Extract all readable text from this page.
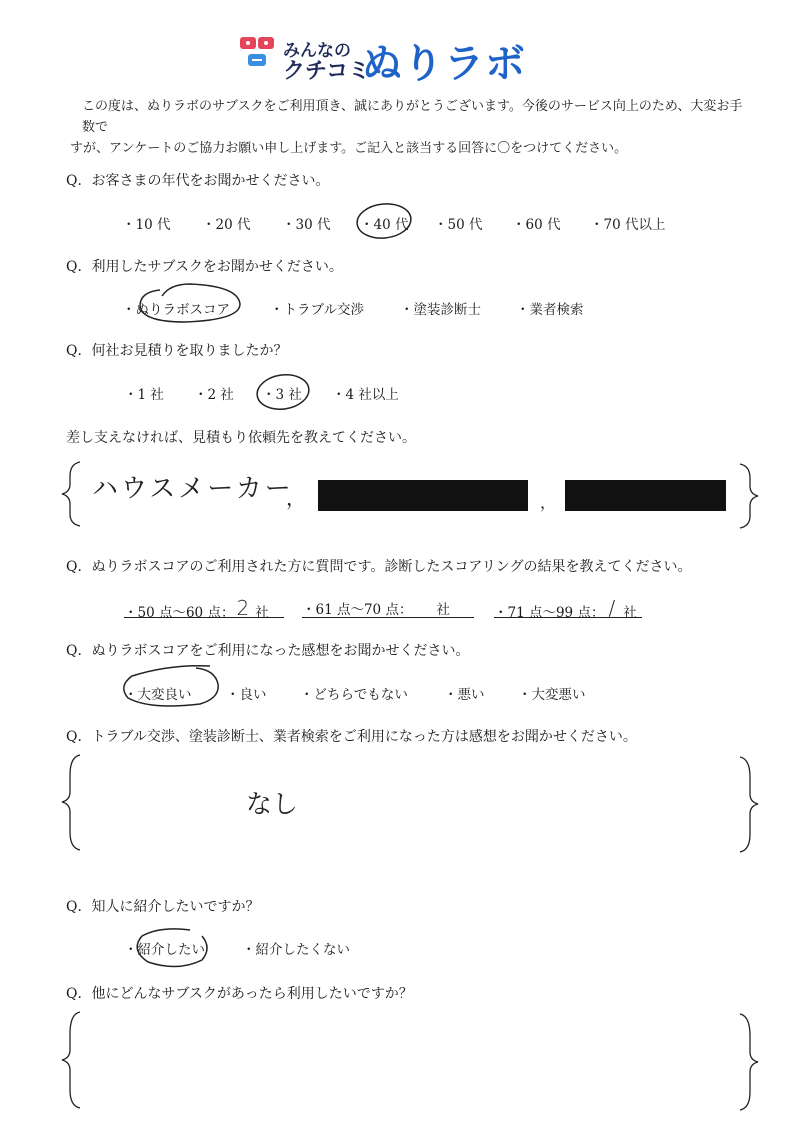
みんなの
クチコミ
ぬりラボ

この度は、ぬりラボのサブスクをご利用頂き、誠にありがとうございます。今後のサービス向上のため、大変お手数で

すが、アンケートのご協力お願い申し上げます。ご記入と該当する回答に〇をつけてください。

Q．お客さまの年代をお聞かせください。
・10 代 ・20 代 ・30 代 ・40 代 ・50 代 ・60 代 ・70 代以上
Q．利用したサブスクをお聞かせください。
・ぬりラボスコア	・トラブル交渉	・塗装診断士	・業者検索
Q．何社お見積りを取りましたか？
・1 社 ・2 社 ・3 社 ・4 社以上
差し支えなければ、見積もり依頼先を教えてください。
ハウスメーカー
，	，
Q．ぬりラボスコアのご利用された方に質問です。診断したスコアリングの結果を教えてください。
・50 点～60 点： 2 社	・61 点～70 点： 社	・71 点～99 点： / 社
Q．ぬりラボスコアをご利用になった感想をお聞かせください。
・大変良い	・良い ・どちらでもない	・悪い ・大変悪い
Q．トラブル交渉、塗装診断士、業者検索をご利用になった方は感想をお聞かせください。
なし
Q．知人に紹介したいですか？
・紹介したい	・紹介したくない
Q．他にどんなサブスクがあったら利用したいですか？
